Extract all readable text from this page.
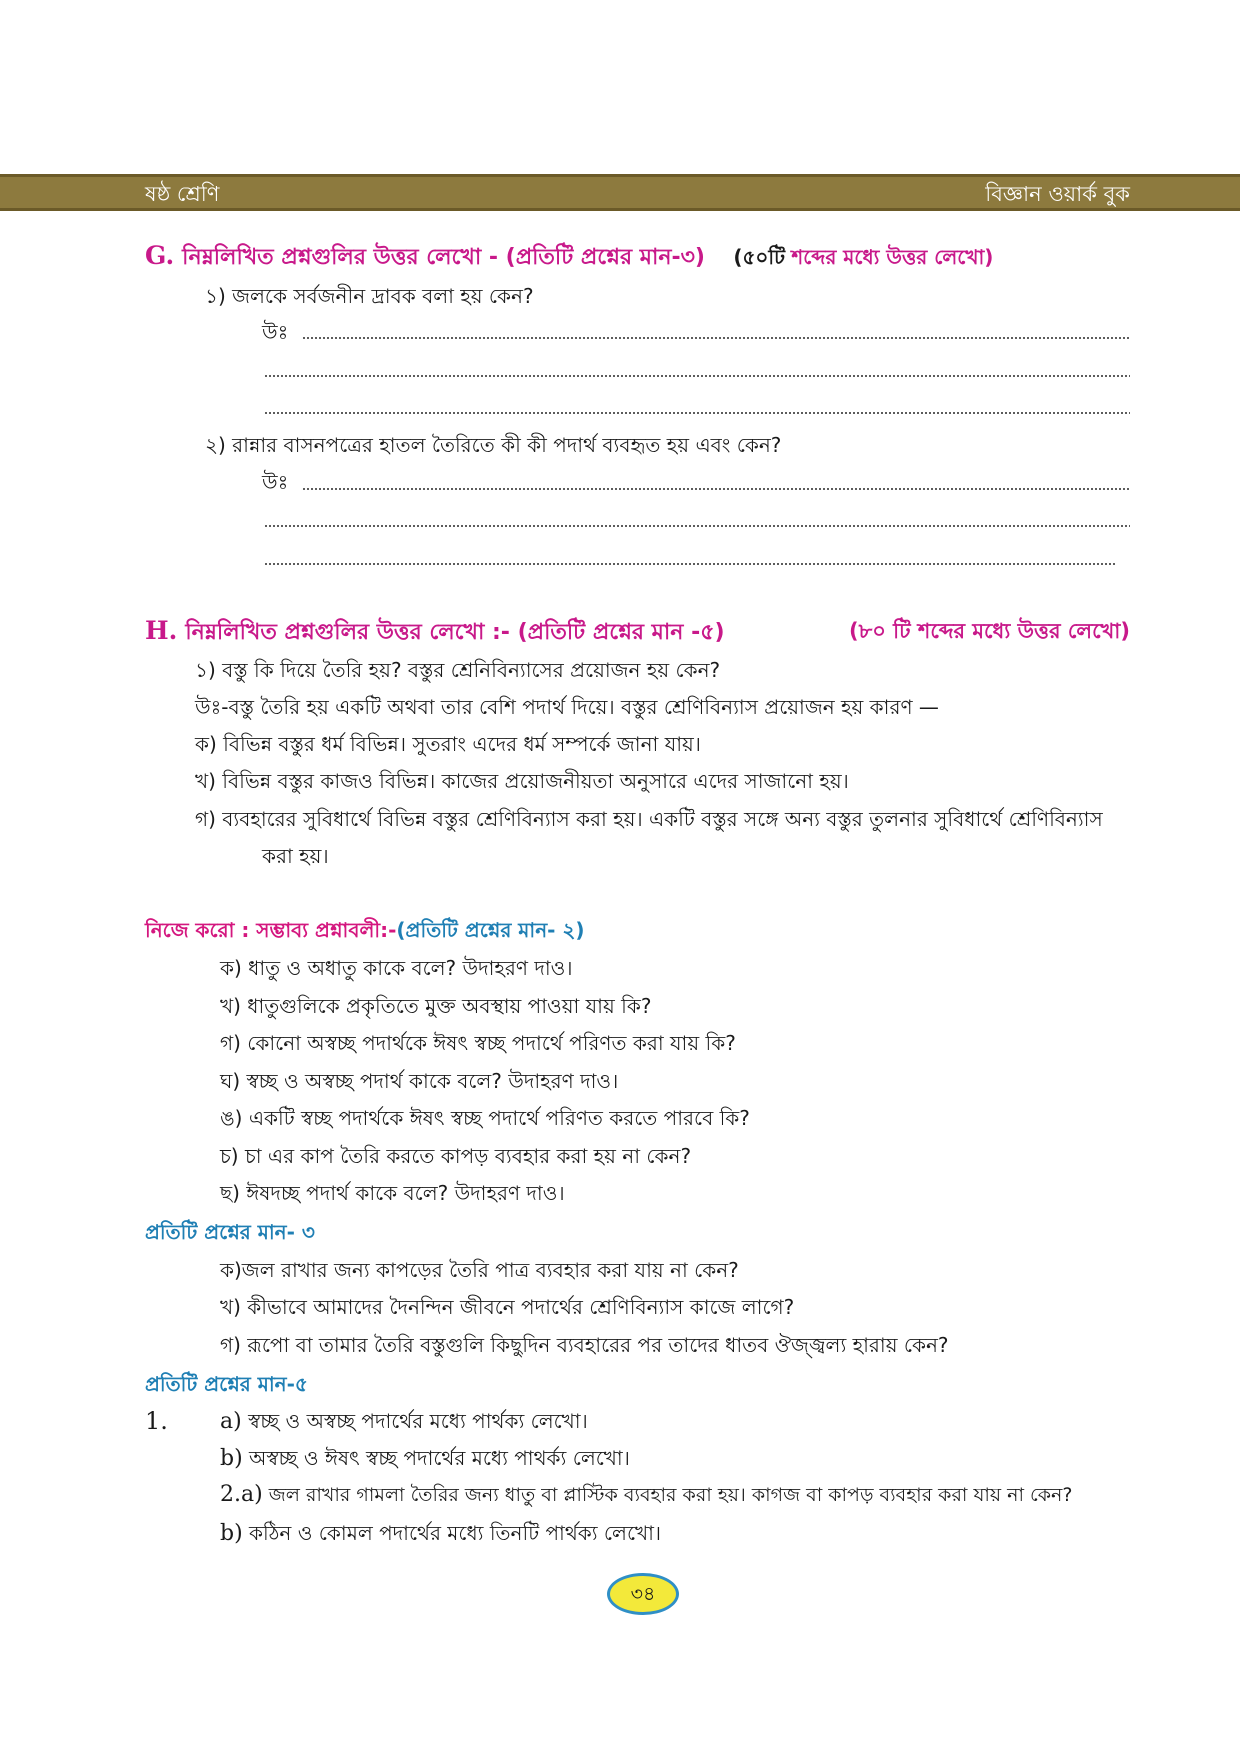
ষষ্ঠ শ্রেণি	বিজ্ঞান ওয়ার্ক বুক
G. নিম্নলিখিত প্রশ্নগুলির উত্তর লেখো - (প্রতিটি প্রশ্নের মান-৩) (৫০টি শব্দের মধ্যে উত্তর লেখো)
১) জলকে সর্বজনীন দ্রাবক বলা হয় কেন?
উঃ
২) রান্নার বাসনপত্রের হাতল তৈরিতে কী কী পদার্থ ব্যবহৃত হয় এবং কেন?
উঃ
H. নিম্নলিখিত প্রশ্নগুলির উত্তর লেখো :- (প্রতিটি প্রশ্নের মান -৫)	(৮০ টি শব্দের মধ্যে উত্তর লেখো)
১) বস্তু কি দিয়ে তৈরি হয়? বস্তুর শ্রেনিবিন্যাসের প্রয়োজন হয় কেন?
উঃ-বস্তু তৈরি হয় একটি অথবা তার বেশি পদার্থ দিয়ে। বস্তুর শ্রেণিবিন্যাস প্রয়োজন হয় কারণ —
ক) বিভিন্ন বস্তুর ধর্ম বিভিন্ন। সুতরাং এদের ধর্ম সম্পর্কে জানা যায়।
খ) বিভিন্ন বস্তুর কাজও বিভিন্ন। কাজের প্রয়োজনীয়তা অনুসারে এদের সাজানো হয়।
গ) ব্যবহারের সুবিধার্থে বিভিন্ন বস্তুর শ্রেণিবিন্যাস করা হয়। একটি বস্তুর সঙ্গে অন্য বস্তুর তুলনার সুবিধার্থে শ্রেণিবিন্যাস
করা হয়।
নিজে করো : সম্ভাব্য প্রশ্নাবলী:-(প্রতিটি প্রশ্নের মান- ২)
ক) ধাতু ও অধাতু কাকে বলে? উদাহরণ দাও।
খ) ধাতুগুলিকে প্রকৃতিতে মুক্ত অবস্থায় পাওয়া যায় কি?
গ) কোনো অস্বচ্ছ পদার্থকে ঈষৎ স্বচ্ছ পদার্থে পরিণত করা যায় কি?
ঘ) স্বচ্ছ ও অস্বচ্ছ পদার্থ কাকে বলে? উদাহরণ দাও।
ঙ) একটি স্বচ্ছ পদার্থকে ঈষৎ স্বচ্ছ পদার্থে পরিণত করতে পারবে কি?
চ) চা এর কাপ তৈরি করতে কাপড় ব্যবহার করা হয় না কেন?
ছ) ঈষদচ্ছ পদার্থ কাকে বলে? উদাহরণ দাও।
প্রতিটি প্রশ্নের মান- ৩
ক)জল রাখার জন্য কাপড়ের তৈরি পাত্র ব্যবহার করা যায় না কেন?
খ) কীভাবে আমাদের দৈনন্দিন জীবনে পদার্থের শ্রেণিবিন্যাস কাজে লাগে?
গ) রূপো বা তামার তৈরি বস্তুগুলি কিছুদিন ব্যবহারের পর তাদের ধাতব ঔজ্জ্বল্য হারায় কেন?
প্রতিটি প্রশ্নের মান-৫
1. a) স্বচ্ছ ও অস্বচ্ছ পদার্থের মধ্যে পার্থক্য লেখো।
b) অস্বচ্ছ ও ঈষৎ স্বচ্ছ পদার্থের মধ্যে পাথর্ক্য লেখো।
2.a) জল রাখার গামলা তৈরির জন্য ধাতু বা প্লাস্টিক ব্যবহার করা হয়। কাগজ বা কাপড় ব্যবহার করা যায় না কেন?
b) কঠিন ও কোমল পদার্থের মধ্যে তিনটি পার্থক্য লেখো।
৩৪
